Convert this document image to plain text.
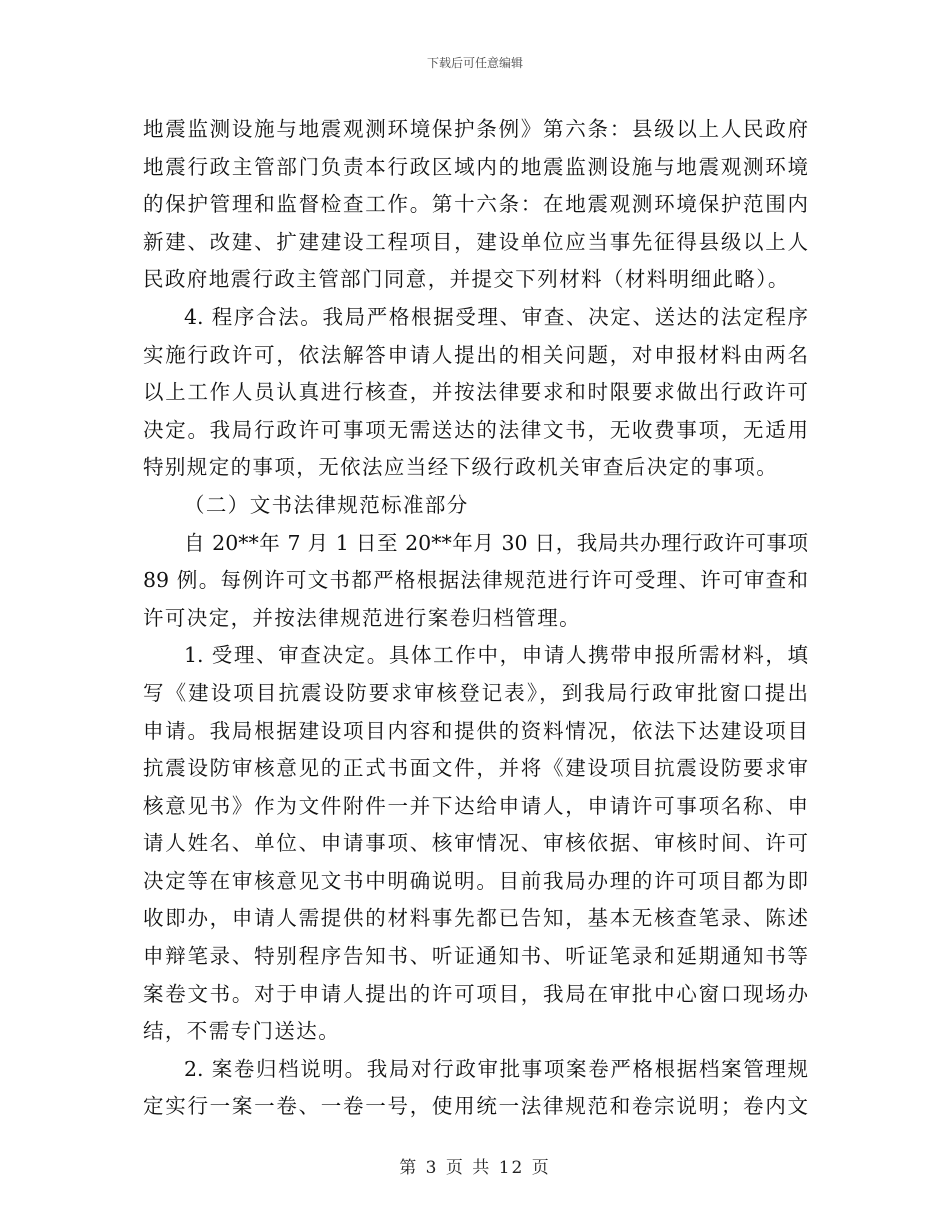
下载后可任意编辑
地震监测设施与地震观测环境保护条例》第六条：县级以上人民政府
地震行政主管部门负责本行政区域内的地震监测设施与地震观测环境
的保护管理和监督检查工作。第十六条：在地震观测环境保护范围内
新建、改建、扩建建设工程项目，建设单位应当事先征得县级以上人
民政府地震行政主管部门同意，并提交下列材料（材料明细此略）。
4. 程序合法。我局严格根据受理、审查、决定、送达的法定程序
实施行政许可，依法解答申请人提出的相关问题，对申报材料由两名
以上工作人员认真进行核查，并按法律要求和时限要求做出行政许可
决定。我局行政许可事项无需送达的法律文书，无收费事项，无适用
特别规定的事项，无依法应当经下级行政机关审查后决定的事项。
（二）文书法律规范标准部分
自 20**年 7 月 1 日至 20**年月 30 日，我局共办理行政许可事项
89 例。每例许可文书都严格根据法律规范进行许可受理、许可审查和
许可决定，并按法律规范进行案卷归档管理。
1. 受理、审查决定。具体工作中，申请人携带申报所需材料，填
写《建设项目抗震设防要求审核登记表》，到我局行政审批窗口提出
申请。我局根据建设项目内容和提供的资料情况，依法下达建设项目
抗震设防审核意见的正式书面文件，并将《建设项目抗震设防要求审
核意见书》作为文件附件一并下达给申请人，申请许可事项名称、申
请人姓名、单位、申请事项、核审情况、审核依据、审核时间、许可
决定等在审核意见文书中明确说明。目前我局办理的许可项目都为即
收即办，申请人需提供的材料事先都已告知，基本无核查笔录、陈述
申辩笔录、特别程序告知书、听证通知书、听证笔录和延期通知书等
案卷文书。对于申请人提出的许可项目，我局在审批中心窗口现场办
结，不需专门送达。
2. 案卷归档说明。我局对行政审批事项案卷严格根据档案管理规
定实行一案一卷、一卷一号，使用统一法律规范和卷宗说明；卷内文
第 3 页 共 12 页
